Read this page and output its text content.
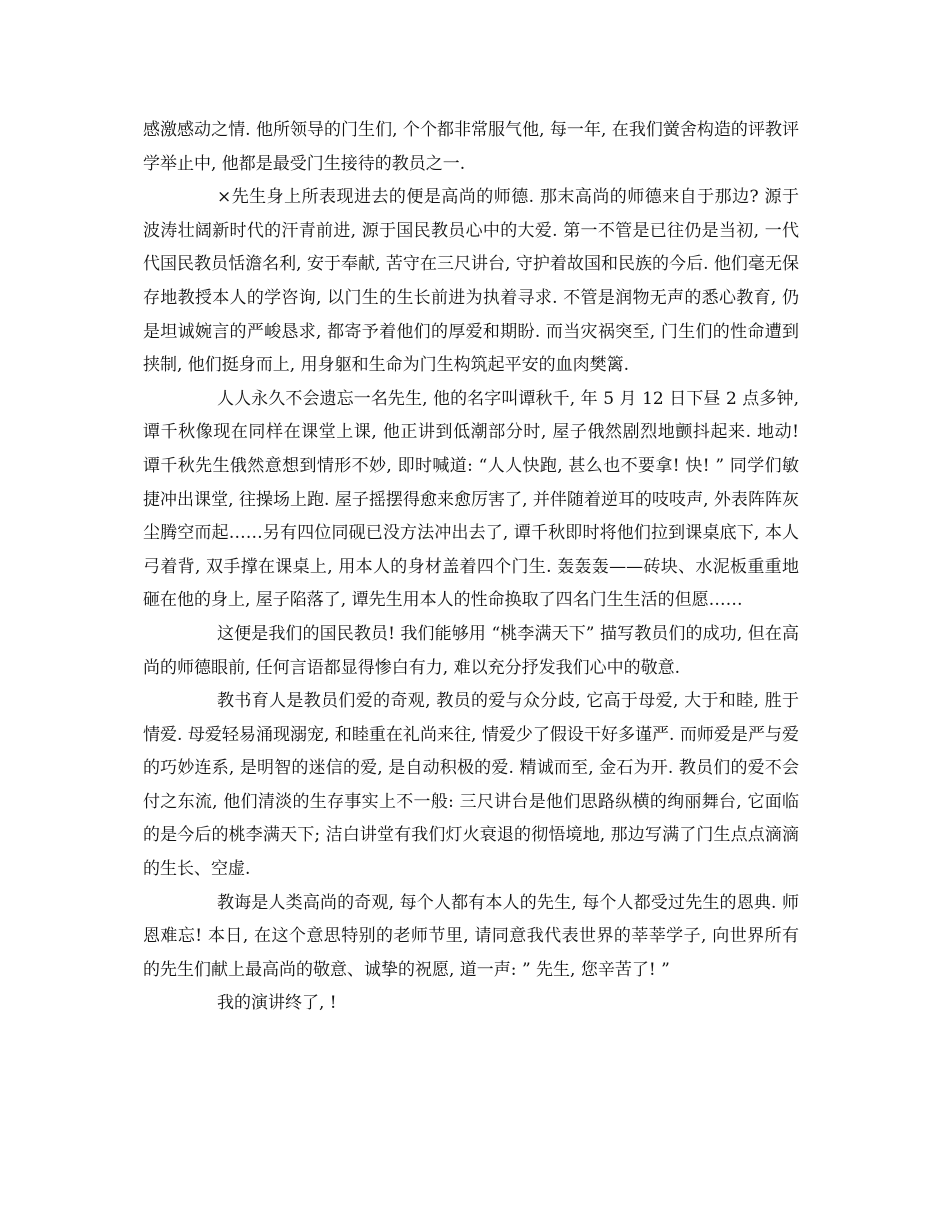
感激感动之情. 他所领导的门生们, 个个都非常服气他, 每一年, 在我们黉舍构造的评教评学举止中, 他都是最受门生接待的教员之一.

×先生身上所表现进去的便是高尚的师德. 那末高尚的师德来自于那边? 源于波涛壮阔新时代的汗青前进, 源于国民教员心中的大爱. 第一不管是已往仍是当初, 一代代国民教员恬澹名利, 安于奉献, 苦守在三尺讲台, 守护着故国和民族的今后. 他们毫无保存地教授本人的学咨询, 以门生的生长前进为执着寻求. 不管是润物无声的悉心教育, 仍是坦诚婉言的严峻恳求, 都寄予着他们的厚爱和期盼. 而当灾祸突至, 门生们的性命遭到挟制, 他们挺身而上, 用身躯和生命为门生构筑起平安的血肉樊篱.

人人永久不会遗忘一名先生, 他的名字叫谭秋千, 年 5 月 12 日下昼 2 点多钟, 谭千秋像现在同样在课堂上课, 他正讲到低潮部分时, 屋子俄然剧烈地颤抖起来. 地动! 谭千秋先生俄然意想到情形不妙, 即时喊道: “人人快跑, 甚么也不要拿! 快! ” 同学们敏捷冲出课堂, 往操场上跑. 屋子摇摆得愈来愈厉害了, 并伴随着逆耳的吱吱声, 外表阵阵灰尘腾空而起……另有四位同砚已没方法冲出去了, 谭千秋即时将他们拉到课桌底下, 本人弓着背, 双手撑在课桌上, 用本人的身材盖着四个门生. 轰轰轰——砖块、水泥板重重地砸在他的身上, 屋子陷落了, 谭先生用本人的性命换取了四名门生生活的但愿……

这便是我们的国民教员! 我们能够用 “桃李满天下” 描写教员们的成功, 但在高尚的师德眼前, 任何言语都显得惨白有力, 难以充分抒发我们心中的敬意.

教书育人是教员们爱的奇观, 教员的爱与众分歧, 它高于母爱, 大于和睦, 胜于情爱. 母爱轻易涌现溺宠, 和睦重在礼尚来往, 情爱少了假设干好多谨严. 而师爱是严与爱的巧妙连系, 是明智的迷信的爱, 是自动积极的爱. 精诚而至, 金石为开. 教员们的爱不会付之东流, 他们清淡的生存事实上不一般: 三尺讲台是他们思路纵横的绚丽舞台, 它面临的是今后的桃李满天下; 洁白讲堂有我们灯火衰退的彻悟境地, 那边写满了门生点点滴滴的生长、空虚.

教诲是人类高尚的奇观, 每个人都有本人的先生, 每个人都受过先生的恩典. 师恩难忘! 本日, 在这个意思特别的老师节里, 请同意我代表世界的莘莘学子, 向世界所有的先生们献上最高尚的敬意、诚挚的祝愿, 道一声: ” 先生, 您辛苦了! ”

我的演讲终了, !
